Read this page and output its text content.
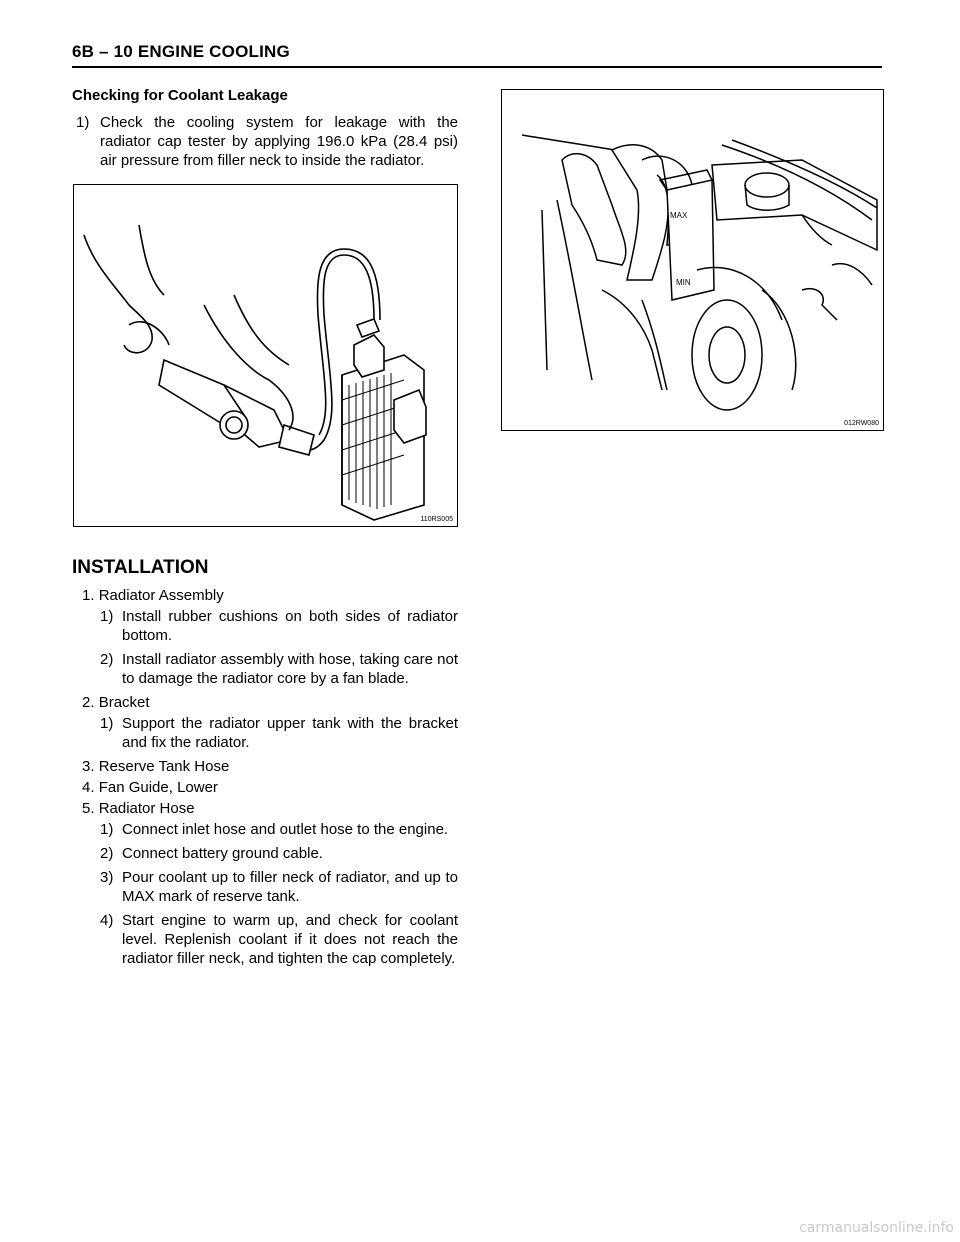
6B – 10 ENGINE COOLING
Checking for Coolant Leakage
1) Check the cooling system for leakage with the radiator cap tester by applying 196.0 kPa (28.4 psi) air pressure from filler neck to inside the radiator.
110RS005
MAX
MIN
012RW080
INSTALLATION
1. Radiator Assembly
1) Install rubber cushions on both sides of radiator bottom.
2) Install radiator assembly with hose, taking care not to damage the radiator core by a fan blade.
2. Bracket
1) Support the radiator upper tank with the bracket and fix the radiator.
3. Reserve Tank Hose
4. Fan Guide, Lower
5. Radiator Hose
1) Connect inlet hose and outlet hose to the engine.
2) Connect battery ground cable.
3) Pour coolant up to filler neck of radiator, and up to MAX mark of reserve tank.
4) Start engine to warm up, and check for coolant level. Replenish coolant if it does not reach the radiator filler neck, and tighten the cap completely.
carmanualsonline.info
